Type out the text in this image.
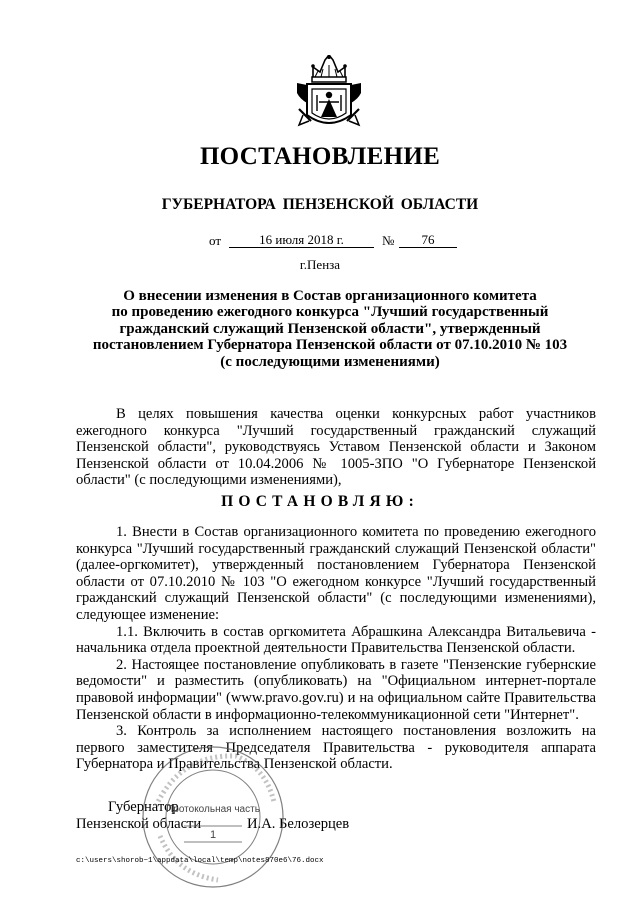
ПОСТАНОВЛЕНИЕ
ГУБЕРНАТОРА ПЕНЗЕНСКОЙ ОБЛАСТИ
от	16 июля 2018 г.	№	76
г.Пенза
О внесении изменения в Состав организационного комитета
по проведению ежегодного конкурса "Лучший государственный
гражданский служащий Пензенской области", утвержденный
постановлением Губернатора Пензенской области от 07.10.2010 № 103
(с последующими изменениями)

В целях повышения качества оценки конкурсных работ участников ежегодного конкурса "Лучший государственный гражданский служащий Пензенской области", руководствуясь Уставом Пензенской области и Законом Пензенской области от 10.04.2006 № 1005-ЗПО "О Губернаторе Пензенской области" (с последующими изменениями),

ПОСТАНОВЛЯЮ:

1. Внести в Состав организационного комитета по проведению ежегодного конкурса "Лучший государственный гражданский служащий Пензенской области" (далее-оргкомитет), утвержденный постановлением Губернатора Пензенской области от 07.10.2010 № 103 "О ежегодном конкурсе "Лучший государственный гражданский служащий Пензенской области" (с последующими изменениями), следующее изменение:

1.1. Включить в состав оргкомитета Абрашкина Александра Витальевича - начальника отдела проектной деятельности Правительства Пензенской области.

2. Настоящее постановление опубликовать в газете "Пензенские губернские ведомости" и разместить (опубликовать) на "Официальном интернет-портале правовой информации" (www.pravo.gov.ru) и на официальном сайте Правительства Пензенской области в информационно-телекоммуникационной сети "Интернет".

3. Контроль за исполнением настоящего постановления возложить на первого заместителя Председателя Правительства - руководителя аппарата Губернатора и Правительства Пензенской области.

Губернатор
Пензенской области	И.А. Белозерцев
Протокольная часть
1
c:\users\shorob~1\appdata\local\temp\notes870e6\76.docx
